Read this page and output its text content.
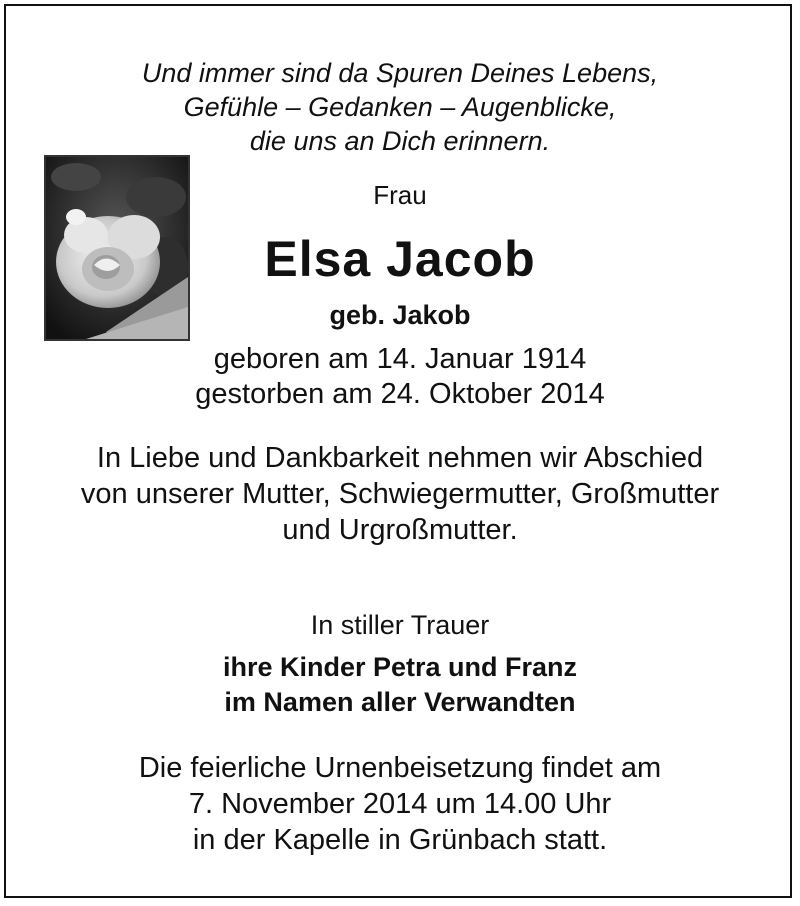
Und immer sind da Spuren Deines Lebens,
Gefühle – Gedanken – Augenblicke,
die uns an Dich erinnern.
Frau
Elsa Jacob
geb. Jakob
geboren am 14. Januar 1914
gestorben am 24. Oktober 2014
In Liebe und Dankbarkeit nehmen wir Abschied
von unserer Mutter, Schwiegermutter, Großmutter
und Urgroßmutter.
In stiller Trauer
ihre Kinder Petra und Franz
im Namen aller Verwandten
Die feierliche Urnenbeisetzung findet am
7. November 2014 um 14.00 Uhr
in der Kapelle in Grünbach statt.
